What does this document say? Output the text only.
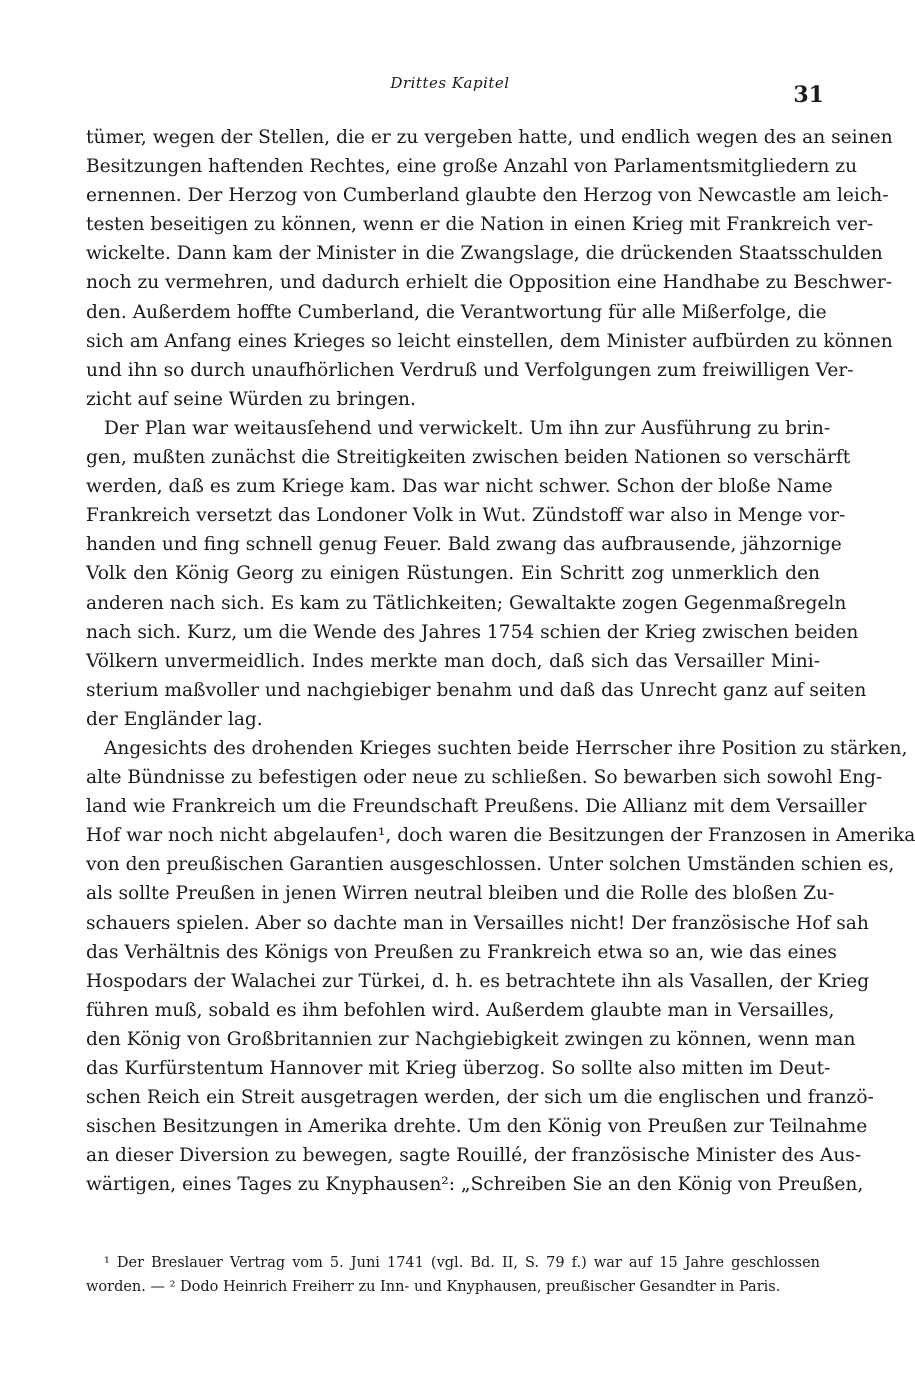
Drittes Kapitel	31
tümer, wegen der Stellen, die er zu vergeben hatte, und endlich wegen des an seinen
Besitzungen haftenden Rechtes, eine große Anzahl von Parlamentsmitgliedern zu
ernennen. Der Herzog von Cumberland glaubte den Herzog von Newcastle am leich-
testen beseitigen zu können, wenn er die Nation in einen Krieg mit Frankreich ver-
wickelte. Dann kam der Minister in die Zwangslage, die drückenden Staatsschulden
noch zu vermehren, und dadurch erhielt die Opposition eine Handhabe zu Beschwer-
den. Außerdem hoffte Cumberland, die Verantwortung für alle Mißerfolge, die
sich am Anfang eines Krieges so leicht einstellen, dem Minister aufbürden zu können
und ihn so durch unaufhörlichen Verdruß und Verfolgungen zum freiwilligen Ver-
zicht auf seine Würden zu bringen.
Der Plan war weitausſehend und verwickelt. Um ihn zur Ausführung zu brin-
gen, mußten zunächst die Streitigkeiten zwischen beiden Nationen so verschärft
werden, daß es zum Kriege kam. Das war nicht schwer. Schon der bloße Name
Frankreich versetzt das Londoner Volk in Wut. Zündstoff war also in Menge vor-
handen und fing schnell genug Feuer. Bald zwang das aufbrausende, jähzornige
Volk den König Georg zu einigen Rüstungen. Ein Schritt zog unmerklich den
anderen nach sich. Es kam zu Tätlichkeiten; Gewaltakte zogen Gegenmaßregeln
nach sich. Kurz, um die Wende des Jahres 1754 schien der Krieg zwischen beiden
Völkern unvermeidlich. Indes merkte man doch, daß sich das Versailler Mini-
sterium maßvoller und nachgiebiger benahm und daß das Unrecht ganz auf seiten
der Engländer lag.
Angesichts des drohenden Krieges suchten beide Herrscher ihre Position zu stärken,
alte Bündnisse zu befestigen oder neue zu schließen. So bewarben sich sowohl Eng-
land wie Frankreich um die Freundschaft Preußens. Die Allianz mit dem Versailler
Hof war noch nicht abgelaufen¹, doch waren die Besitzungen der Franzosen in Amerika
von den preußischen Garantien ausgeschlossen. Unter solchen Umständen schien es,
als sollte Preußen in jenen Wirren neutral bleiben und die Rolle des bloßen Zu-
schauers spielen. Aber so dachte man in Versailles nicht! Der französische Hof sah
das Verhältnis des Königs von Preußen zu Frankreich etwa so an, wie das eines
Hospodars der Walachei zur Türkei, d. h. es betrachtete ihn als Vasallen, der Krieg
führen muß, sobald es ihm befohlen wird. Außerdem glaubte man in Versailles,
den König von Großbritannien zur Nachgiebigkeit zwingen zu können, wenn man
das Kurfürstentum Hannover mit Krieg überzog. So sollte also mitten im Deut-
schen Reich ein Streit ausgetragen werden, der sich um die englischen und franzö-
sischen Besitzungen in Amerika drehte. Um den König von Preußen zur Teilnahme
an dieser Diversion zu bewegen, sagte Rouillé, der französische Minister des Aus-
wärtigen, eines Tages zu Knyphausen²: „Schreiben Sie an den König von Preußen,
¹ Der Breslauer Vertrag vom 5. Juni 1741 (vgl. Bd. II, S. 79 f.) war auf 15 Jahre geschlossen
worden. — ² Dodo Heinrich Freiherr zu Inn- und Knyphausen, preußischer Gesandter in Paris.
